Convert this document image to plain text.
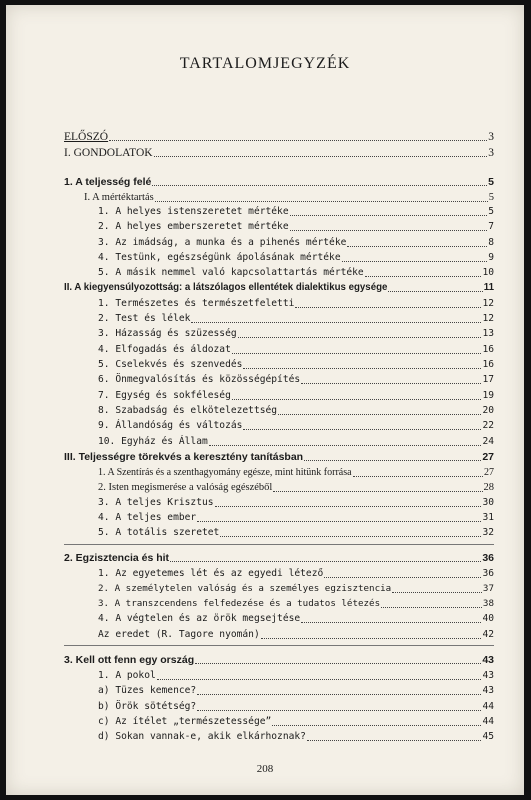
TARTALOMJEGYZÉK
ELŐSZÓ	3
I. GONDOLATOK	3
1. A teljesség felé	5
I. A mértéktartás	5
1. A helyes istenszeretet mértéke	5
2. A helyes emberszeretet mértéke	7
3. Az imádság, a munka és a pihenés mértéke	8
4. Testünk, egészségünk ápolásának mértéke	9
5. A másik nemmel való kapcsolattartás mértéke	10
II. A kiegyensúlyozottság: a látszólagos ellentétek dialektikus egysége	11
1. Természetes és természetfeletti	12
2. Test és lélek	12
3. Házasság és szüzesség	13
4. Elfogadás és áldozat	16
5. Cselekvés és szenvedés	16
6. Önmegvalósítás és közösségépítés	17
7. Egység és sokféleség	19
8. Szabadság és elkötelezettség	20
9. Állandóság és változás	22
10. Egyház és Állam	24
III. Teljességre törekvés a keresztény tanításban	27
1. A Szentírás és a szenthagyomány egésze, mint hitünk forrása	27
2. Isten megismerése a valóság egészéből	28
3. A teljes Krisztus	30
4. A teljes ember	31
5. A totális szeretet	32
2. Egzisztencia és hit	36
1. Az egyetemes lét és az egyedi létező	36
2. A személytelen valóság és a személyes egzisztencia	37
3. A transzcendens felfedezése és a tudatos létezés	38
4. A végtelen és az örök megsejtése	40
Az eredet (R. Tagore nyomán)	42
3. Kell ott fenn egy ország	43
1. A pokol	43
a) Tüzes kemence?	43
b) Örök sötétség?	44
c) Az ítélet „természetessége”	44
d) Sokan vannak-e, akik elkárhoznak?	45
208
